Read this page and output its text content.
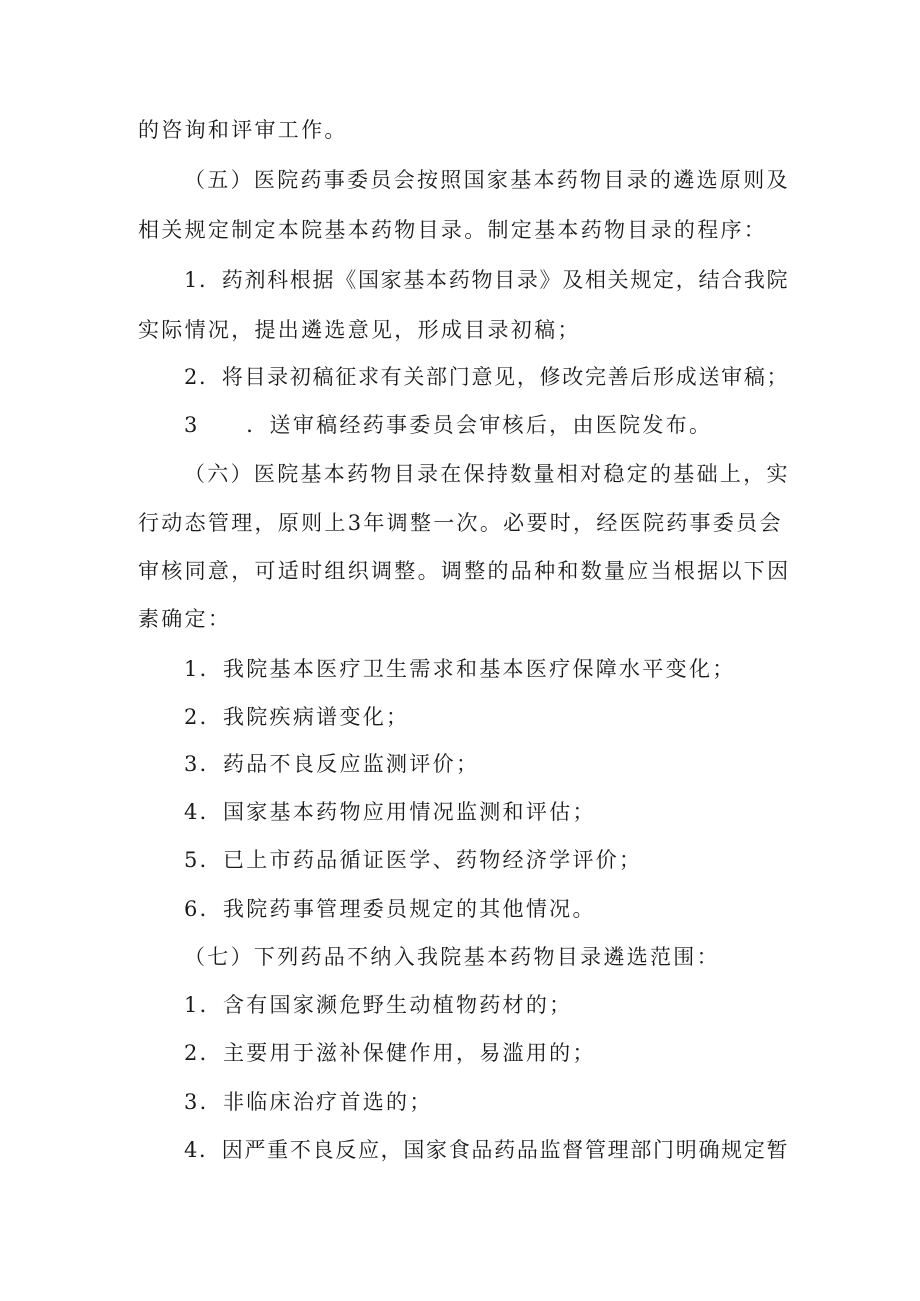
的咨询和评审工作。
（五）医院药事委员会按照国家基本药物目录的遴选原则及
相关规定制定本院基本药物目录。制定基本药物目录的程序：
1．药剂科根据《国家基本药物目录》及相关规定，结合我院
实际情况，提出遴选意见，形成目录初稿；
2．将目录初稿征求有关部门意见，修改完善后形成送审稿；
3　　．送审稿经药事委员会审核后，由医院发布。
（六）医院基本药物目录在保持数量相对稳定的基础上，实
行动态管理，原则上3年调整一次。必要时，经医院药事委员会
审核同意，可适时组织调整。调整的品种和数量应当根据以下因
素确定：
1．我院基本医疗卫生需求和基本医疗保障水平变化；
2．我院疾病谱变化；
3．药品不良反应监测评价；
4．国家基本药物应用情况监测和评估；
5．已上市药品循证医学、药物经济学评价；
6．我院药事管理委员规定的其他情况。
（七）下列药品不纳入我院基本药物目录遴选范围：
1．含有国家濒危野生动植物药材的；
2．主要用于滋补保健作用，易滥用的；
3．非临床治疗首选的；
4．因严重不良反应，国家食品药品监督管理部门明确规定暂
